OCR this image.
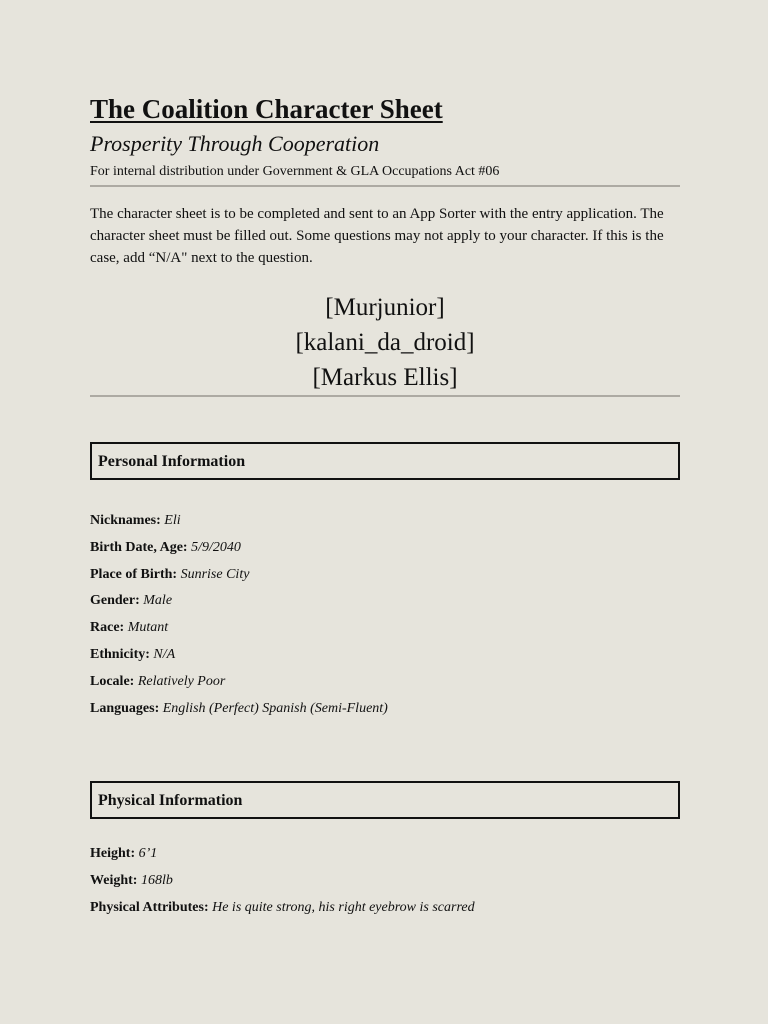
The Coalition Character Sheet
Prosperity Through Cooperation
For internal distribution under Government & GLA Occupations Act #06
The character sheet is to be completed and sent to an App Sorter with the entry application. The character sheet must be filled out. Some questions may not apply to your character. If this is the case, add “N/A" next to the question.
[Murjunior]
[kalani_da_droid]
[Markus Ellis]
Personal Information
Nicknames: Eli
Birth Date, Age: 5/9/2040
Place of Birth: Sunrise City
Gender: Male
Race: Mutant
Ethnicity: N/A
Locale: Relatively Poor
Languages: English (Perfect) Spanish (Semi-Fluent)
Physical Information
Height: 6’1
Weight: 168lb
Physical Attributes: He is quite strong, his right eyebrow is scarred
